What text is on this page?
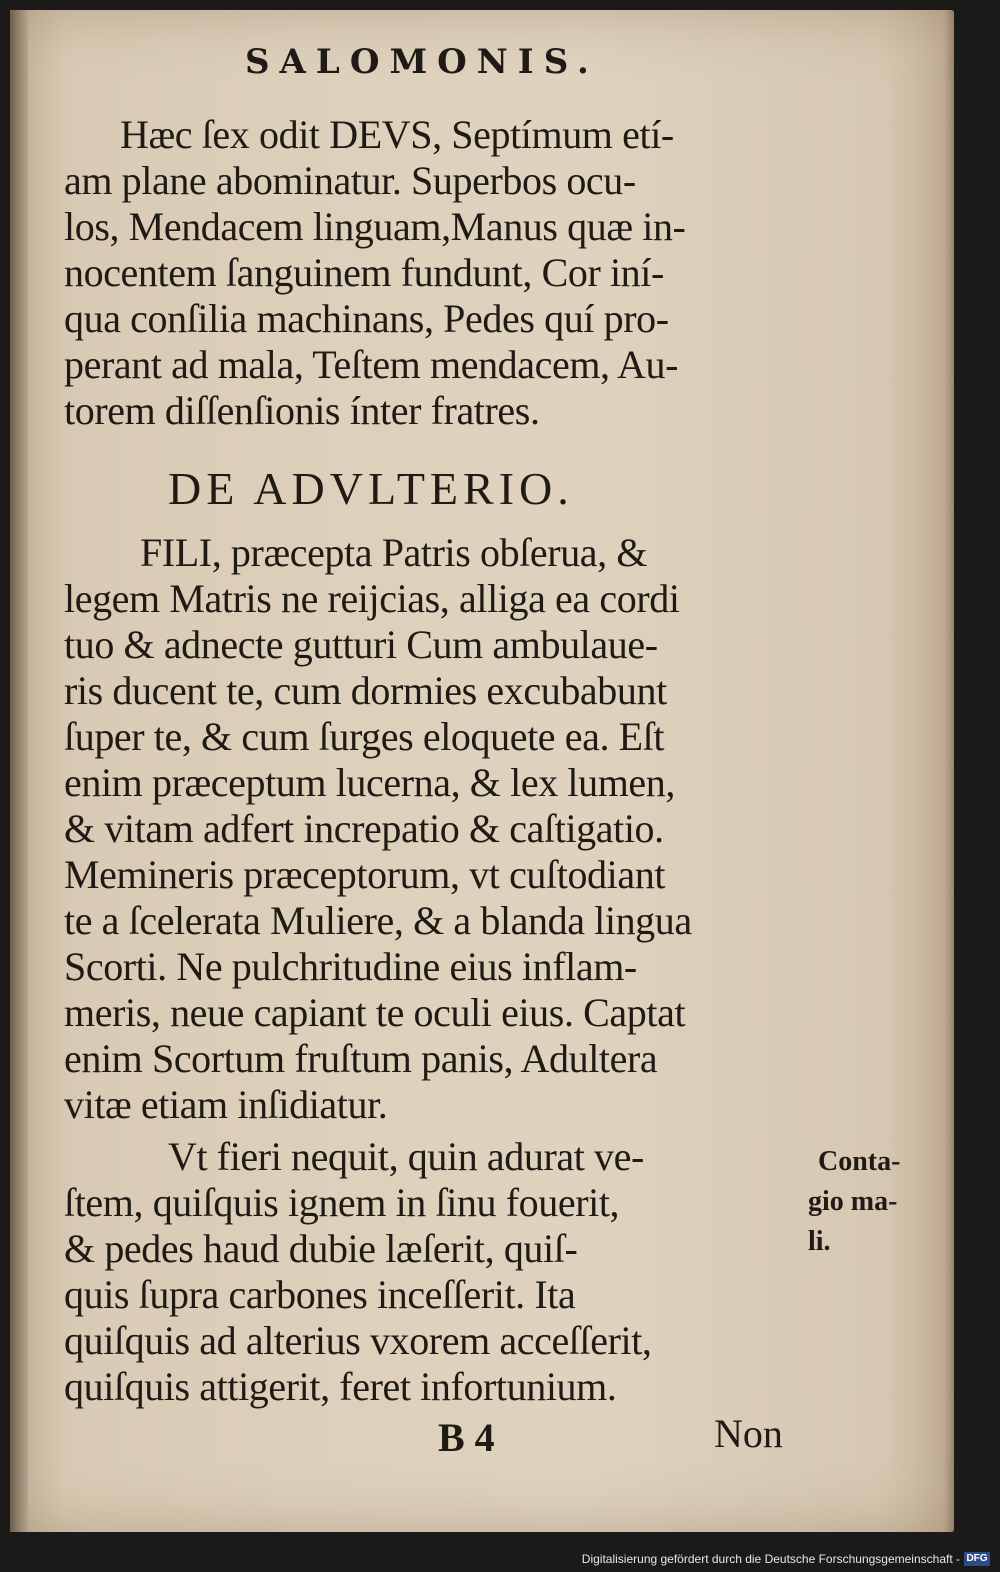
SALOMONIS.
Hæc ſex odit DEVS, Septímum etí-
am plane abominatur. Superbos ocu-
los, Mendacem linguam,Manus quæ in-
nocentem ſanguinem fundunt, Cor iní-
qua conſilia machinans, Pedes quí pro-
perant ad mala, Teſtem mendacem, Au-
torem diſſenſionis ínter fratres.
DE ADVLTERIO.
FILI, præcepta Patris obſerua, &
legem Matris ne reijcias, alliga ea cordi
tuo & adnecte gutturi Cum ambulaue-
ris ducent te, cum dormies excubabunt
ſuper te, & cum ſurges eloquete ea. Eſt
enim præceptum lucerna, & lex lumen,
& vitam adfert increpatio & caſtigatio.
Memineris præceptorum, vt cuſtodiant
te a ſcelerata Muliere, & a blanda lingua
Scorti. Ne pulchritudine eius inflam-
meris, neue capiant te oculi eius. Captat
enim Scortum fruſtum panis, Adultera
vitæ etiam inſidiatur.
Vt fieri nequit, quin adurat ve-
ſtem, quiſquis ignem in ſinu fouerit,
& pedes haud dubie læſerit, quiſ-
quis ſupra carbones inceſſerit. Ita
quiſquis ad alterius vxorem acceſſerit,
quiſquis attigerit, feret infortunium.
Conta-
gio ma-
li.
B 4	Non
Digitalisierung gefördert durch die Deutsche Forschungsgemeinschaft - DFG
